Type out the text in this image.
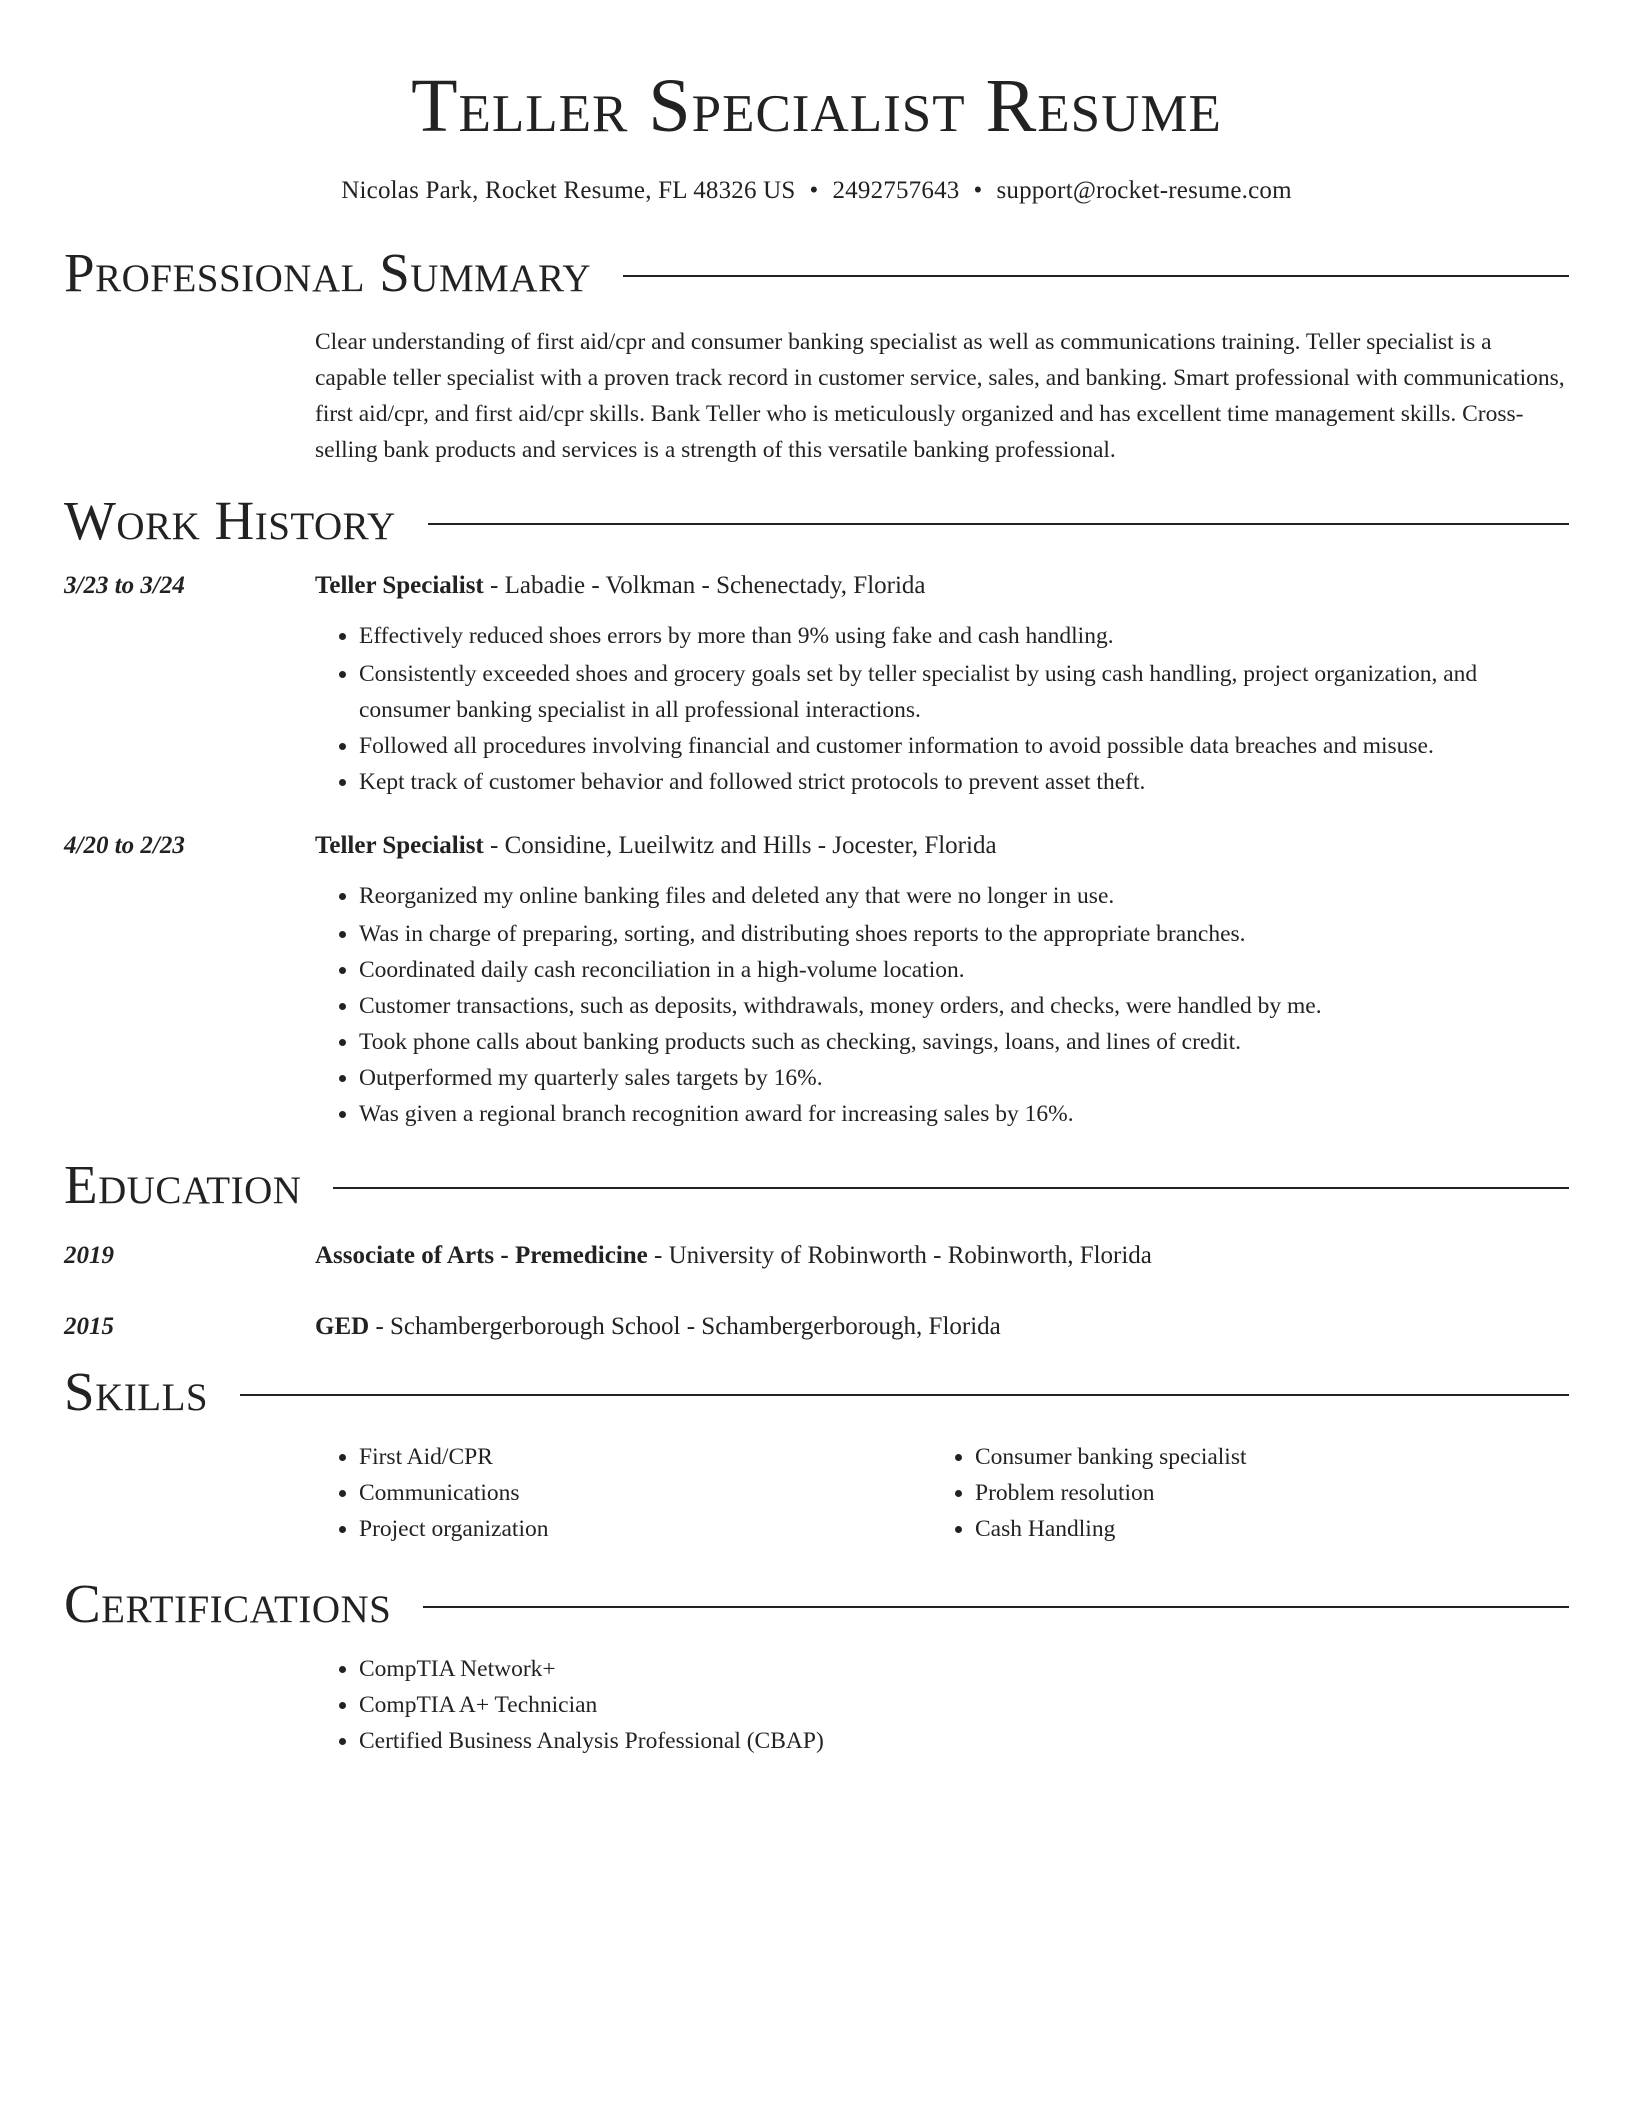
Teller Specialist Resume
Nicolas Park, Rocket Resume, FL 48326 US • 2492757643 • support@rocket-resume.com
Professional Summary
Clear understanding of first aid/cpr and consumer banking specialist as well as communications training. Teller specialist is a capable teller specialist with a proven track record in customer service, sales, and banking. Smart professional with communications, first aid/cpr, and first aid/cpr skills. Bank Teller who is meticulously organized and has excellent time management skills. Cross-selling bank products and services is a strength of this versatile banking professional.
Work History
3/23 to 3/24	Teller Specialist - Labadie - Volkman - Schenectady, Florida
• Effectively reduced shoes errors by more than 9% using fake and cash handling.
• Consistently exceeded shoes and grocery goals set by teller specialist by using cash handling, project organization, and consumer banking specialist in all professional interactions.
• Followed all procedures involving financial and customer information to avoid possible data breaches and misuse.
• Kept track of customer behavior and followed strict protocols to prevent asset theft.
4/20 to 2/23	Teller Specialist - Considine, Lueilwitz and Hills - Jocester, Florida
• Reorganized my online banking files and deleted any that were no longer in use.
• Was in charge of preparing, sorting, and distributing shoes reports to the appropriate branches.
• Coordinated daily cash reconciliation in a high-volume location.
• Customer transactions, such as deposits, withdrawals, money orders, and checks, were handled by me.
• Took phone calls about banking products such as checking, savings, loans, and lines of credit.
• Outperformed my quarterly sales targets by 16%.
• Was given a regional branch recognition award for increasing sales by 16%.
Education
2019	Associate of Arts - Premedicine - University of Robinworth - Robinworth, Florida
2015	GED - Schambergerborough School - Schambergerborough, Florida
Skills
• First Aid/CPR
• Communications
• Project organization
• Consumer banking specialist
• Problem resolution
• Cash Handling
Certifications
• CompTIA Network+
• CompTIA A+ Technician
• Certified Business Analysis Professional (CBAP)
